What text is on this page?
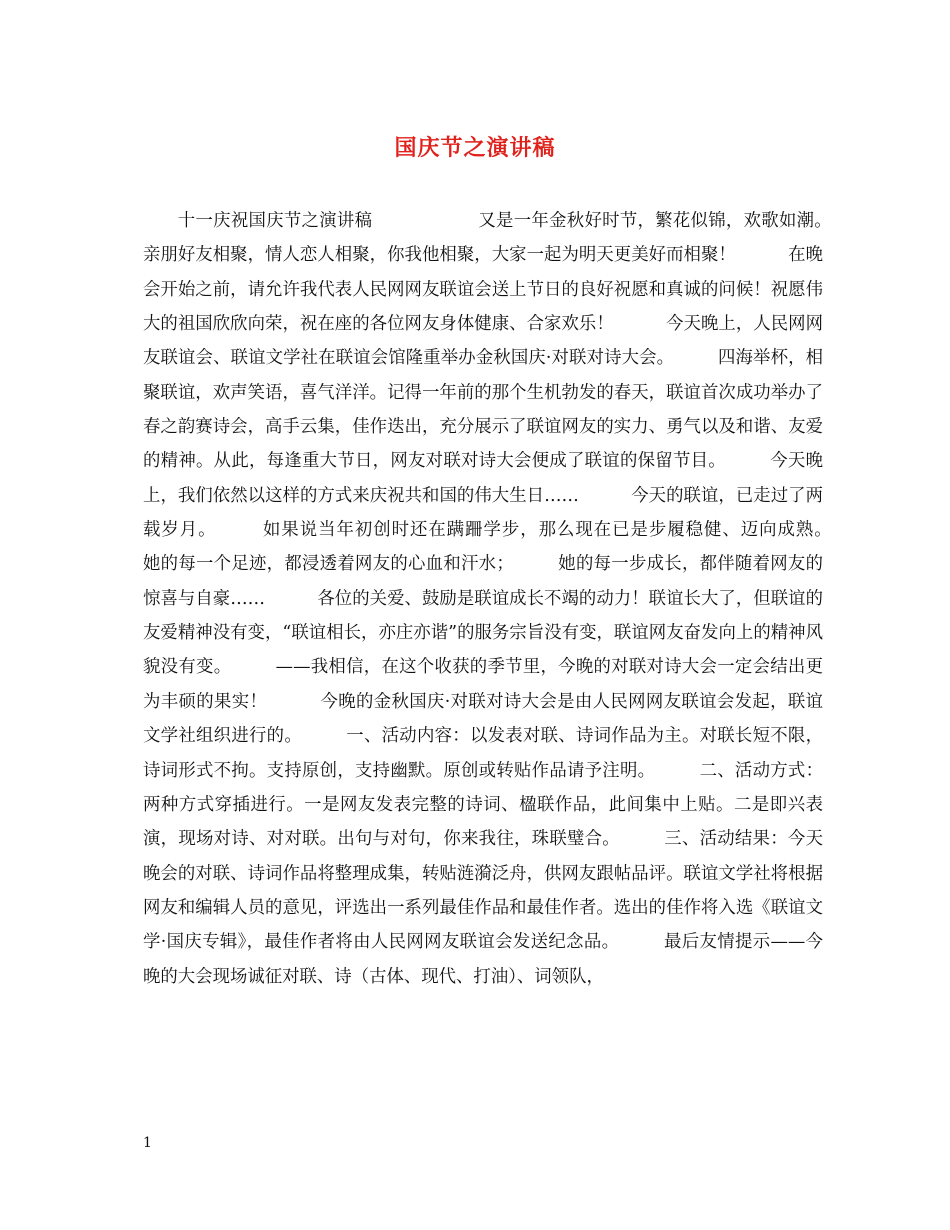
国庆节之演讲稿

十一庆祝国庆节之演讲稿　　　　　　又是一年金秋好时节，繁花似锦，欢歌如潮。　　　亲朋好友相聚，情人恋人相聚，你我他相聚，大家一起为明天更美好而相聚！　　　在晚会开始之前，请允许我代表人民网网友联谊会送上节日的良好祝愿和真诚的问候！祝愿伟大的祖国欣欣向荣，祝在座的各位网友身体健康、合家欢乐！　　　今天晚上，人民网网友联谊会、联谊文学社在联谊会馆隆重举办金秋国庆·对联对诗大会。　　　四海举杯，相聚联谊，欢声笑语，喜气洋洋。记得一年前的那个生机勃发的春天，联谊首次成功举办了春之韵赛诗会，高手云集，佳作迭出，充分展示了联谊网友的实力、勇气以及和谐、友爱的精神。从此，每逢重大节日，网友对联对诗大会便成了联谊的保留节目。　　　今天晚上，我们依然以这样的方式来庆祝共和国的伟大生日……　　　今天的联谊，已走过了两载岁月。　　　如果说当年初创时还在蹒跚学步，那么现在已是步履稳健、迈向成熟。　　　她的每一个足迹，都浸透着网友的心血和汗水；　　　她的每一步成长，都伴随着网友的惊喜与自豪……　　　各位的关爱、鼓励是联谊成长不竭的动力！联谊长大了，但联谊的友爱精神没有变，“联谊相长，亦庄亦谐”的服务宗旨没有变，联谊网友奋发向上的精神风貌没有变。　　　——我相信，在这个收获的季节里，今晚的对联对诗大会一定会结出更为丰硕的果实！　　　今晚的金秋国庆·对联对诗大会是由人民网网友联谊会发起，联谊文学社组织进行的。　　　一、活动内容：以发表对联、诗词作品为主。对联长短不限，诗词形式不拘。支持原创，支持幽默。原创或转贴作品请予注明。　　　二、活动方式：两种方式穿插进行。一是网友发表完整的诗词、楹联作品，此间集中上贴。二是即兴表演，现场对诗、对对联。出句与对句，你来我往，珠联璧合。　　　三、活动结果：今天晚会的对联、诗词作品将整理成集，转贴涟漪泛舟，供网友跟帖品评。联谊文学社将根据网友和编辑人员的意见，评选出一系列最佳作品和最佳作者。选出的佳作将入选《联谊文学·国庆专辑》，最佳作者将由人民网网友联谊会发送纪念品。　　　最后友情提示——今晚的大会现场诚征对联、诗（古体、现代、打油）、词领队，

1
